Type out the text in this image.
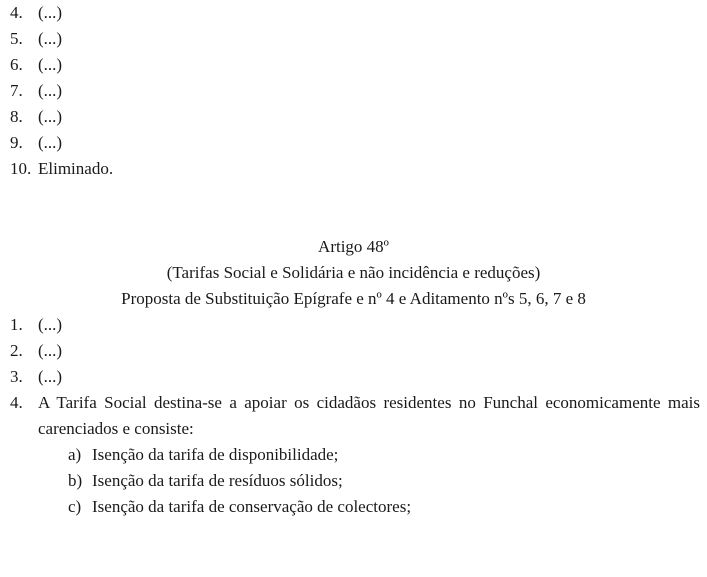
4. (...)
5. (...)
6. (...)
7. (...)
8. (...)
9. (...)
10. Eliminado.
Artigo 48º
(Tarifas Social e Solidária e não incidência e reduções)
Proposta de Substituição Epígrafe e nº 4 e Aditamento nºs 5, 6, 7 e 8
1. (...)
2. (...)
3. (...)
4. A Tarifa Social destina-se a apoiar os cidadãos residentes no Funchal economicamente mais carenciados e consiste:
a) Isenção da tarifa de disponibilidade;
b) Isenção da tarifa de resíduos sólidos;
c) Isenção da tarifa de conservação de colectores;
